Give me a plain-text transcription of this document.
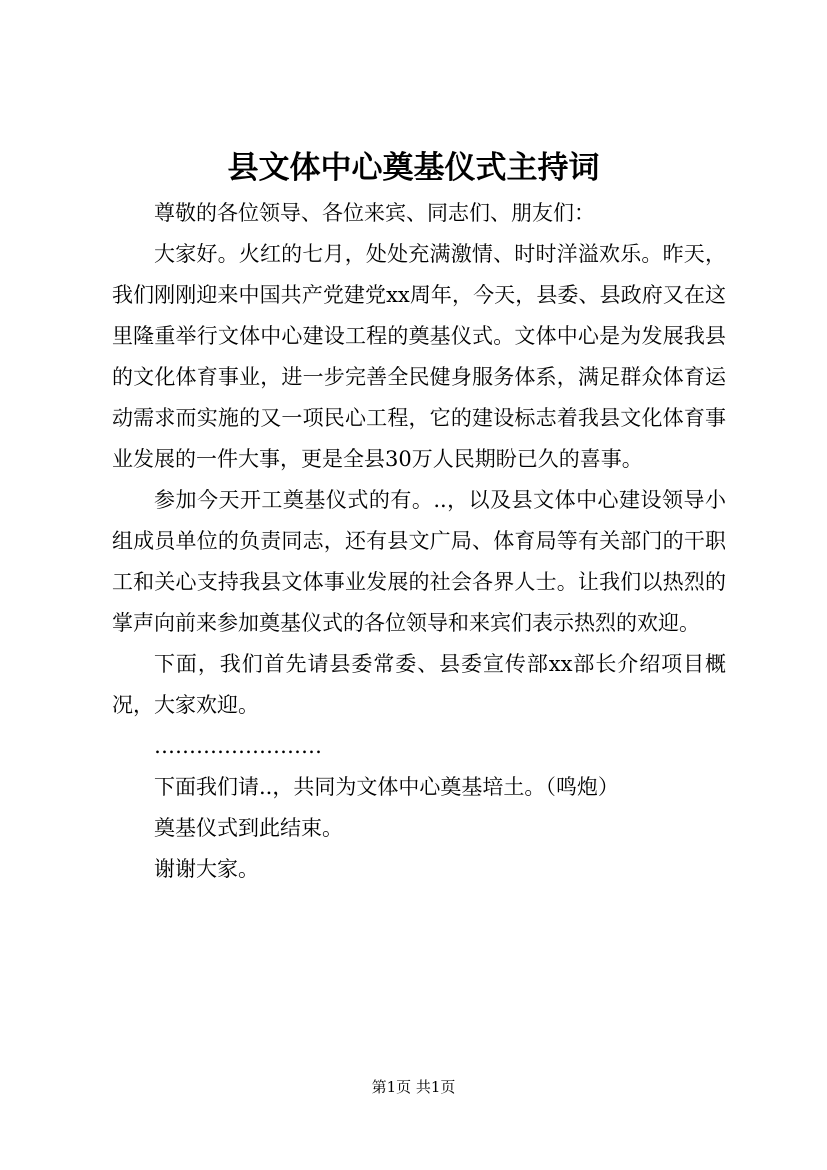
县文体中心奠基仪式主持词

尊敬的各位领导、各位来宾、同志们、朋友们：

大家好。火红的七月，处处充满激情、时时洋溢欢乐。昨天，我们刚刚迎来中国共产党建党xx周年，今天，县委、县政府又在这里隆重举行文体中心建设工程的奠基仪式。文体中心是为发展我县的文化体育事业，进一步完善全民健身服务体系，满足群众体育运动需求而实施的又一项民心工程，它的建设标志着我县文化体育事业发展的一件大事，更是全县30万人民期盼已久的喜事。

参加今天开工奠基仪式的有。..，以及县文体中心建设领导小组成员单位的负责同志，还有县文广局、体育局等有关部门的干职工和关心支持我县文体事业发展的社会各界人士。让我们以热烈的掌声向前来参加奠基仪式的各位领导和来宾们表示热烈的欢迎。

下面，我们首先请县委常委、县委宣传部xx部长介绍项目概况，大家欢迎。

……………………

下面我们请..，共同为文体中心奠基培土。（鸣炮）

奠基仪式到此结束。

谢谢大家。

第1页 共1页
